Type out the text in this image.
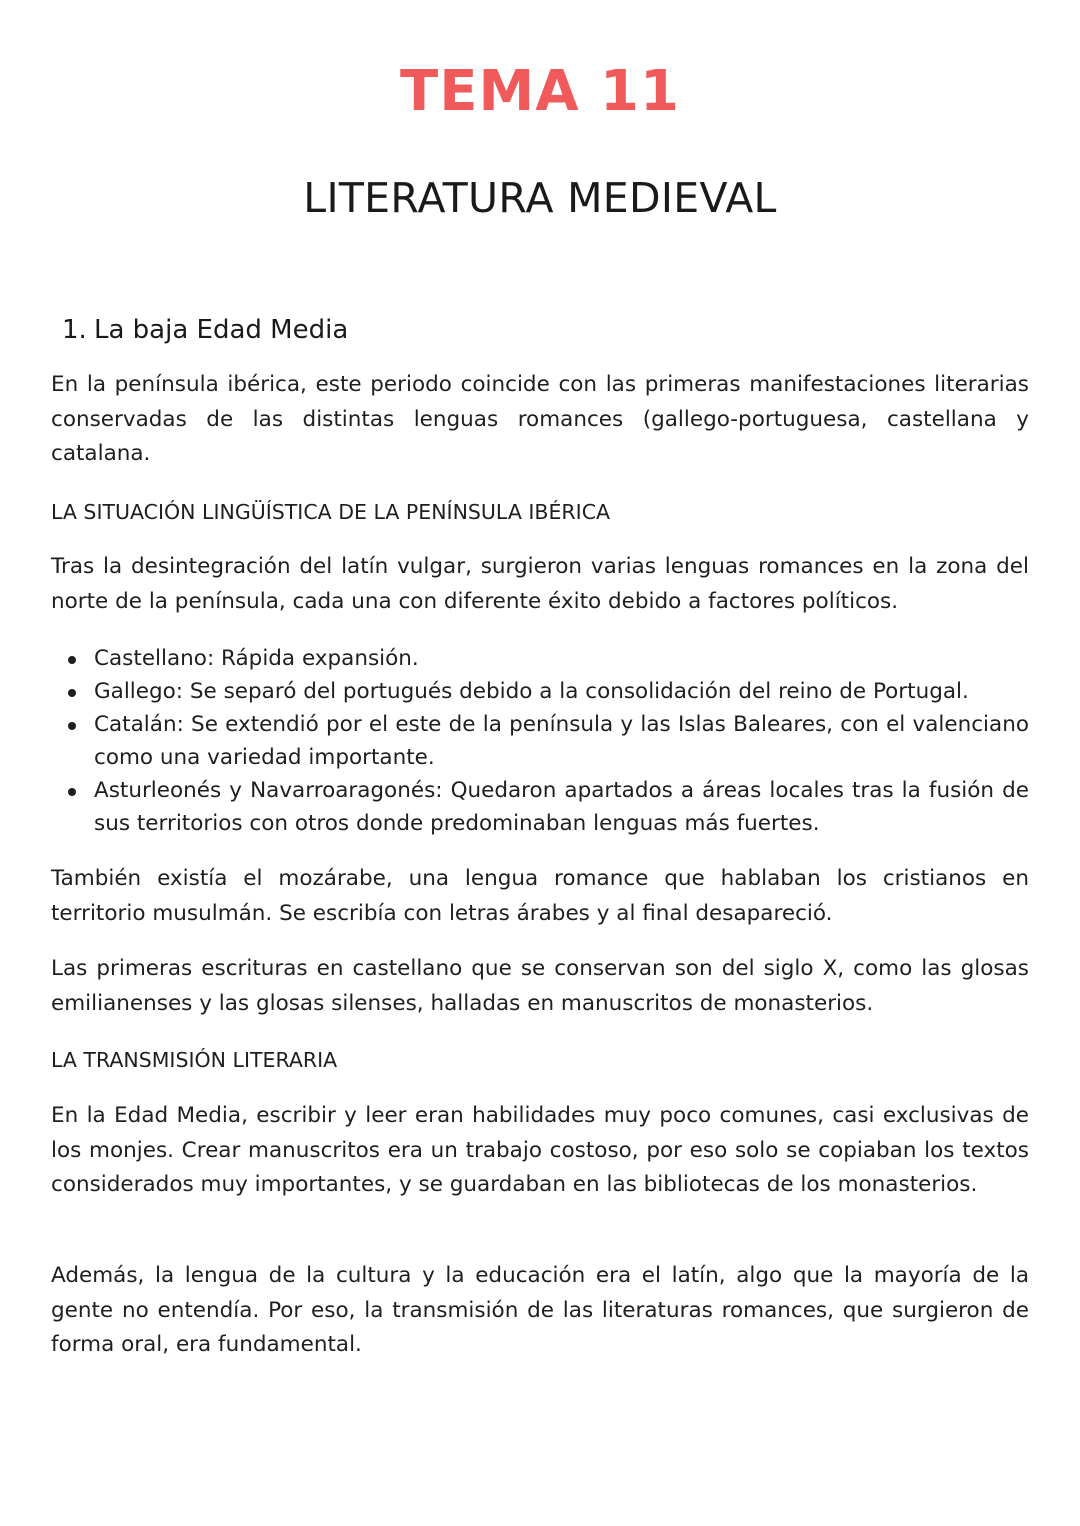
TEMA 11
LITERATURA MEDIEVAL
1. La baja Edad Media

En la península ibérica, este periodo coincide con las primeras manifestaciones literarias conservadas de las distintas lenguas romances (gallego-portuguesa, castellana y catalana.

LA SITUACIÓN LINGÜÍSTICA DE LA PENÍNSULA IBÉRICA

Tras la desintegración del latín vulgar, surgieron varias lenguas romances en la zona del norte de la península, cada una con diferente éxito debido a factores políticos.

Castellano: Rápida expansión.
Gallego: Se separó del portugués debido a la consolidación del reino de Portugal.
Catalán: Se extendió por el este de la península y las Islas Baleares, con el valenciano como una variedad importante.
Asturleonés y Navarroaragonés: Quedaron apartados a áreas locales tras la fusión de sus territorios con otros donde predominaban lenguas más fuertes.

También existía el mozárabe, una lengua romance que hablaban los cristianos en territorio musulmán. Se escribía con letras árabes y al final desapareció.

Las primeras escrituras en castellano que se conservan son del siglo X, como las glosas emilianenses y las glosas silenses, halladas en manuscritos de monasterios.

LA TRANSMISIÓN LITERARIA

En la Edad Media, escribir y leer eran habilidades muy poco comunes, casi exclusivas de los monjes. Crear manuscritos era un trabajo costoso, por eso solo se copiaban los textos considerados muy importantes, y se guardaban en las bibliotecas de los monasterios.

Además, la lengua de la cultura y la educación era el latín, algo que la mayoría de la gente no entendía. Por eso, la transmisión de las literaturas romances, que surgieron de forma oral, era fundamental.
